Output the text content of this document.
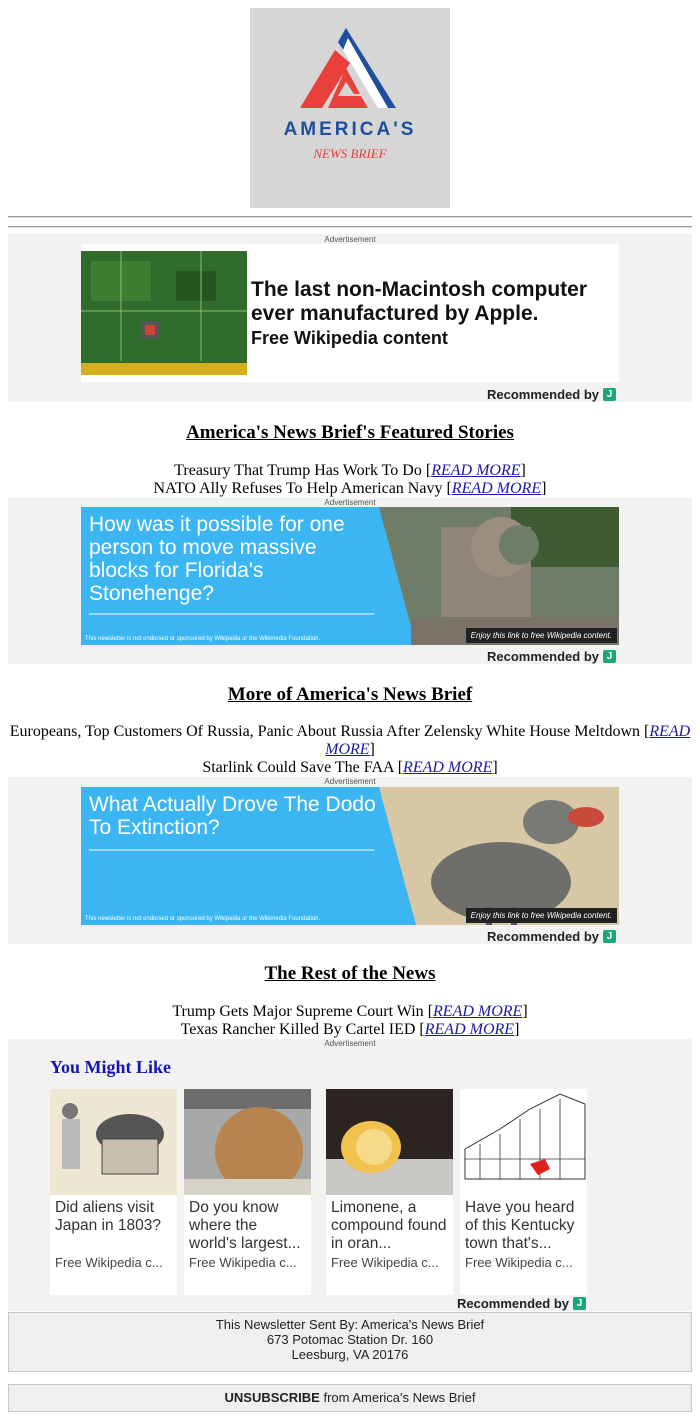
AMERICA'S
NEWS BRIEF
Advertisement
The last non-Macintosh computer ever manufactured by Apple.
Free Wikipedia content
Recommended by J
America's News Brief's Featured Stories
Treasury That Trump Has Work To Do [READ MORE]
NATO Ally Refuses To Help American Navy [READ MORE]
Advertisement
How was it possible for one person to move massive blocks for Florida's Stonehenge?
This newsletter is not endorsed or sponsored by Wikipedia or the Wikimedia Foundation.	Enjoy this link to free Wikipedia content.
Recommended by J
More of America's News Brief
Europeans, Top Customers Of Russia, Panic About Russia After Zelensky White House Meltdown [READ MORE]
Starlink Could Save The FAA [READ MORE]
Advertisement
What Actually Drove The Dodo To Extinction?
This newsletter is not endorsed or sponsored by Wikipedia or the Wikimedia Foundation.	Enjoy this link to free Wikipedia content.
Recommended by J
The Rest of the News
Trump Gets Major Supreme Court Win [READ MORE]
Texas Rancher Killed By Cartel IED [READ MORE]
Advertisement
You Might Like
Did aliens visit Japan in 1803?
Free Wikipedia c...
Do you know where the world's largest...
Free Wikipedia c...
Limonene, a compound found in oran...
Free Wikipedia c...
Have you heard of this Kentucky town that's...
Free Wikipedia c...
Recommended by J
This Newsletter Sent By: America's News Brief
673 Potomac Station Dr. 160
Leesburg, VA 20176
UNSUBSCRIBE from America's News Brief
